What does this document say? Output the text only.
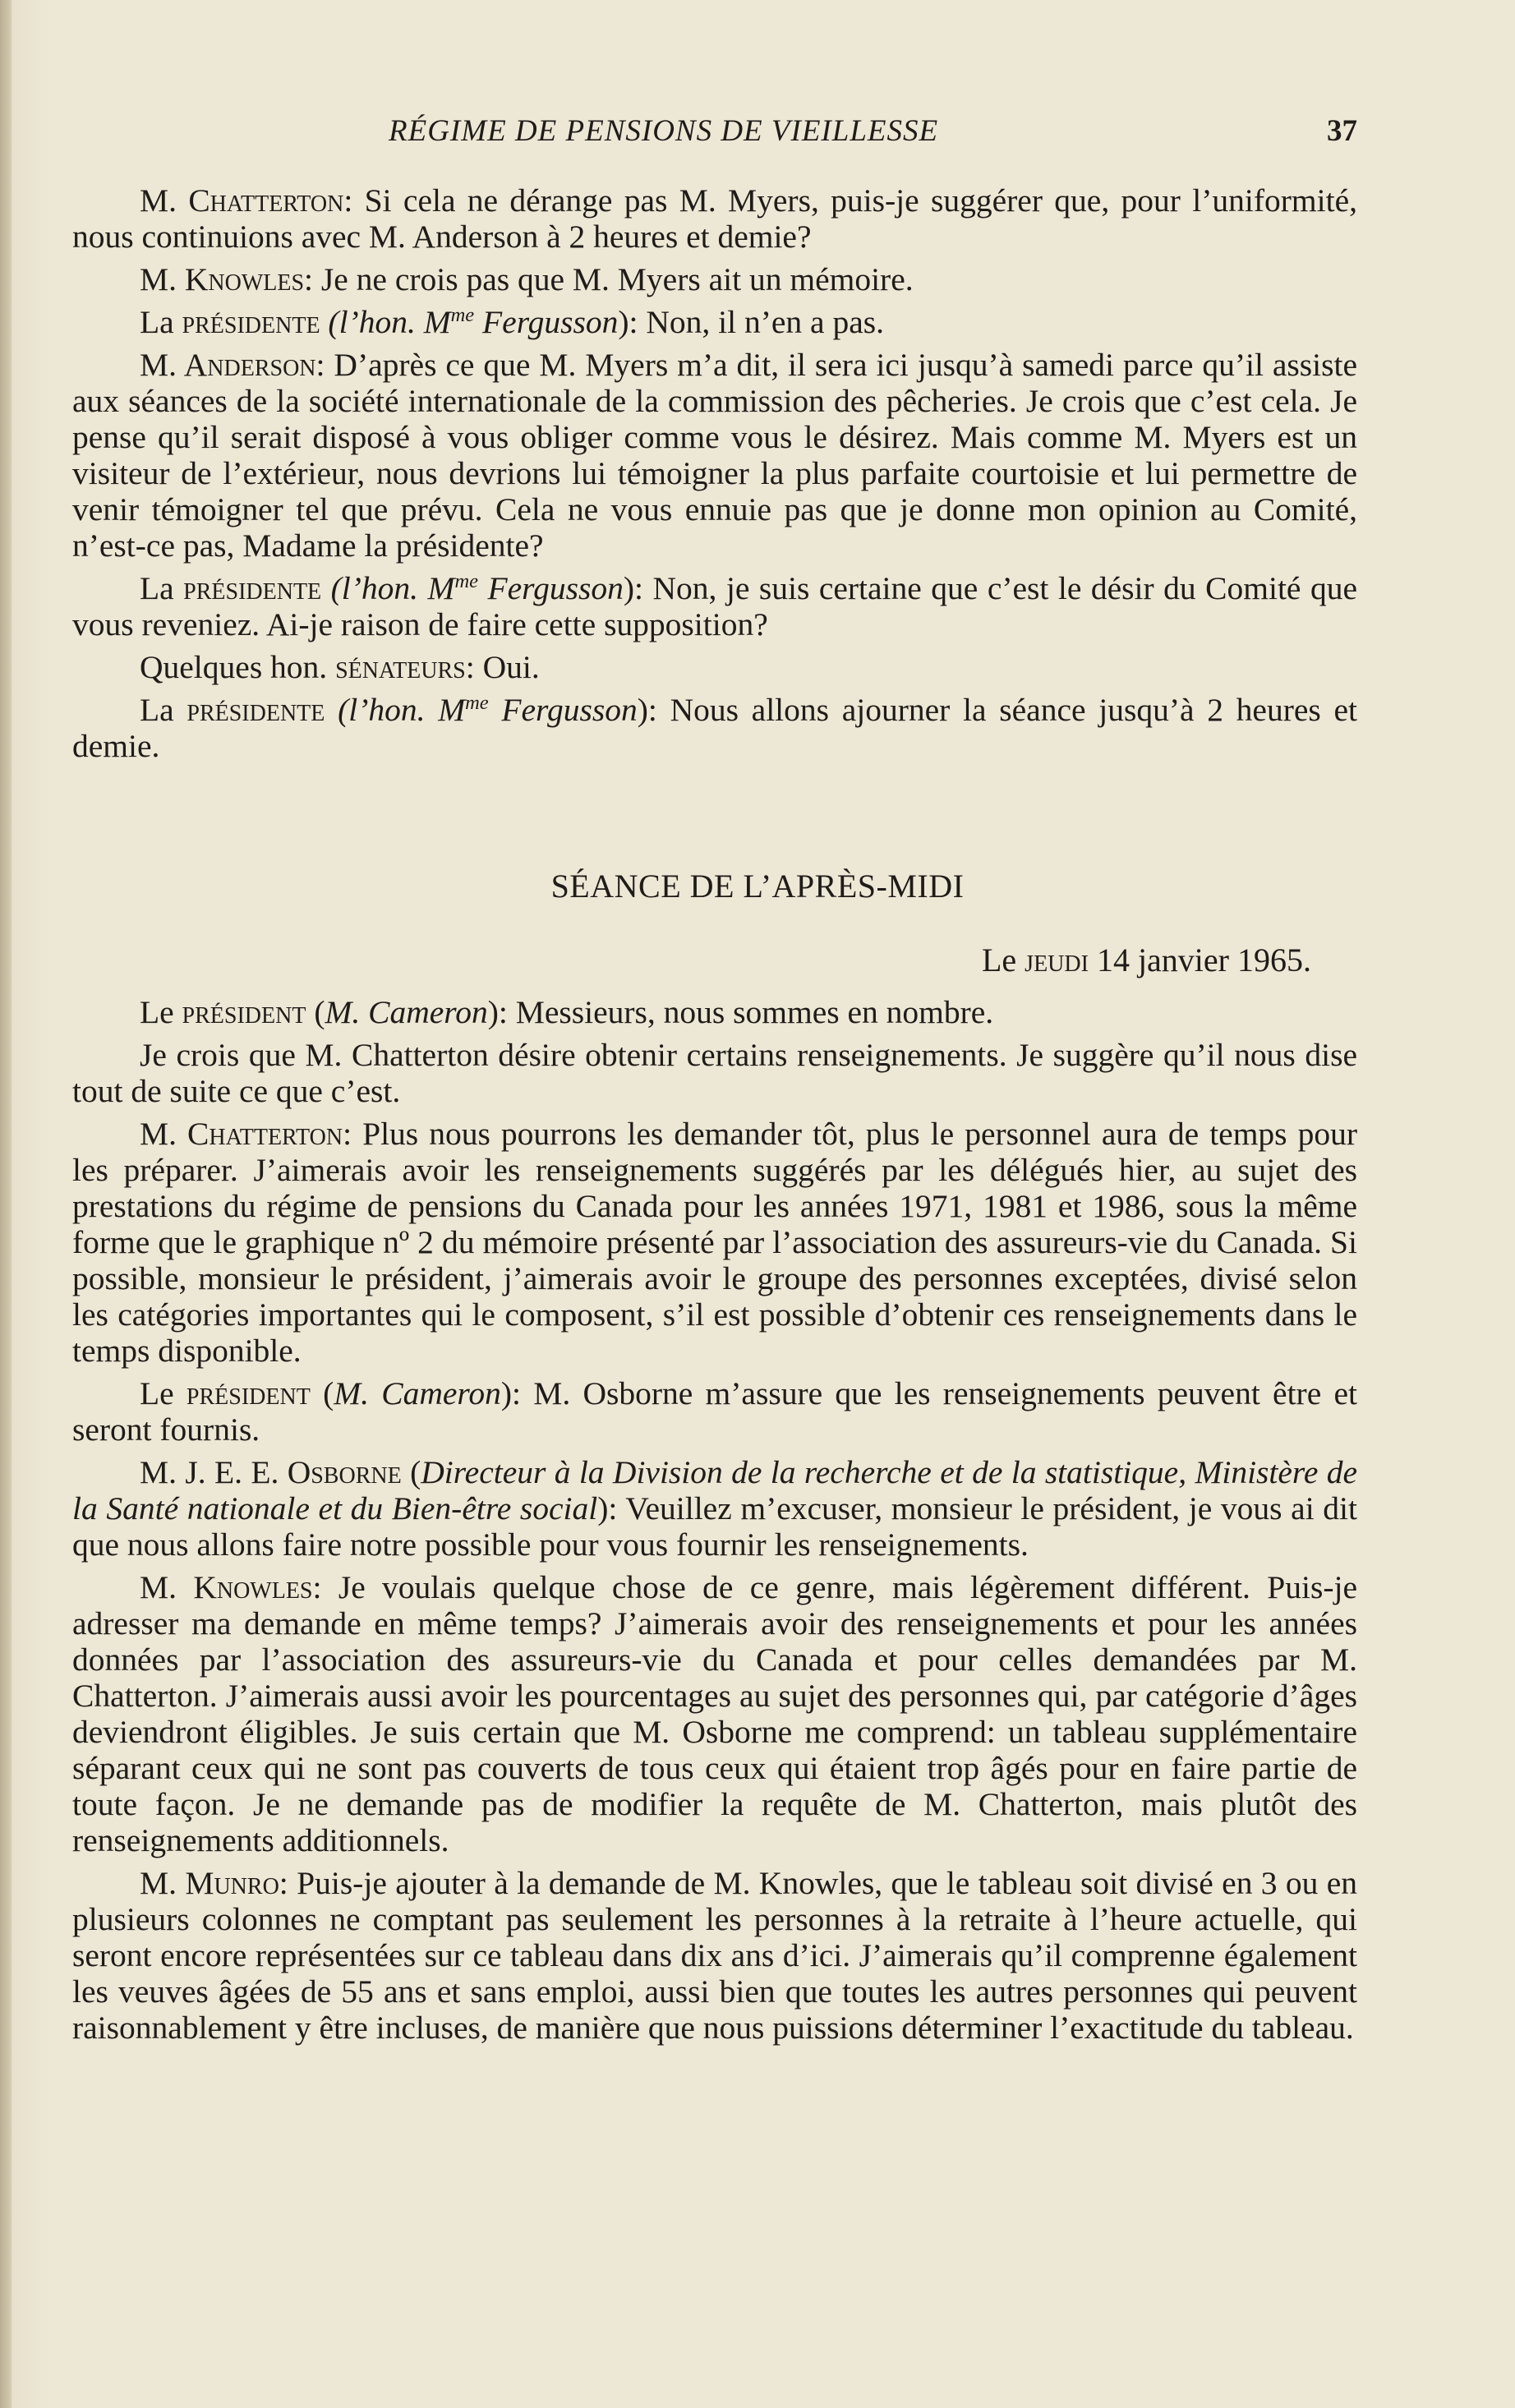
RÉGIME DE PENSIONS DE VIEILLESSE	37

M. Chatterton: Si cela ne dérange pas M. Myers, puis-je suggérer que, pour l’uniformité, nous continuions avec M. Anderson à 2 heures et demie?

M. Knowles: Je ne crois pas que M. Myers ait un mémoire.

La présidente (l’hon. $M^{me}$ Fergusson): Non, il n’en a pas.

M. Anderson: D’après ce que M. Myers m’a dit, il sera ici jusqu’à samedi parce qu’il assiste aux séances de la société internationale de la commission des pêcheries. Je crois que c’est cela. Je pense qu’il serait disposé à vous obliger comme vous le désirez. Mais comme M. Myers est un visiteur de l’extérieur, nous devrions lui témoigner la plus parfaite courtoisie et lui permettre de venir témoigner tel que prévu. Cela ne vous ennuie pas que je donne mon opinion au Comité, n’est-ce pas, Madame la présidente?

La présidente (l’hon. $M^{me}$ Fergusson): Non, je suis certaine que c’est le désir du Comité que vous reveniez. Ai-je raison de faire cette supposition?

Quelques hon. sénateurs: Oui.

La présidente (l’hon. $M^{me}$ Fergusson): Nous allons ajourner la séance jusqu’à 2 heures et demie.

SÉANCE DE L’APRÈS-MIDI
Le jeudi 14 janvier 1965.

Le président (M. Cameron): Messieurs, nous sommes en nombre.

Je crois que M. Chatterton désire obtenir certains renseignements. Je suggère qu’il nous dise tout de suite ce que c’est.

M. Chatterton: Plus nous pourrons les demander tôt, plus le personnel aura de temps pour les préparer. J’aimerais avoir les renseignements suggérés par les délégués hier, au sujet des prestations du régime de pensions du Canada pour les années 1971, 1981 et 1986, sous la même forme que le graphique nº 2 du mémoire présenté par l’association des assureurs-vie du Canada. Si possible, monsieur le président, j’aimerais avoir le groupe des personnes exceptées, divisé selon les catégories importantes qui le composent, s’il est possible d’obtenir ces renseignements dans le temps disponible.

Le président (M. Cameron): M. Osborne m’assure que les renseignements peuvent être et seront fournis.

M. J. E. E. Osborne (Directeur à la Division de la recherche et de la statistique, Ministère de la Santé nationale et du Bien-être social): Veuillez m’excuser, monsieur le président, je vous ai dit que nous allons faire notre possible pour vous fournir les renseignements.

M. Knowles: Je voulais quelque chose de ce genre, mais légèrement différent. Puis-je adresser ma demande en même temps? J’aimerais avoir des renseignements et pour les années données par l’association des assureurs-vie du Canada et pour celles demandées par M. Chatterton. J’aimerais aussi avoir les pourcentages au sujet des personnes qui, par catégorie d’âges deviendront éligibles. Je suis certain que M. Osborne me comprend: un tableau supplémentaire séparant ceux qui ne sont pas couverts de tous ceux qui étaient trop âgés pour en faire partie de toute façon. Je ne demande pas de modifier la requête de M. Chatterton, mais plutôt des renseignements additionnels.

M. Munro: Puis-je ajouter à la demande de M. Knowles, que le tableau soit divisé en 3 ou en plusieurs colonnes ne comptant pas seulement les personnes à la retraite à l’heure actuelle, qui seront encore représentées sur ce tableau dans dix ans d’ici. J’aimerais qu’il comprenne également les veuves âgées de 55 ans et sans emploi, aussi bien que toutes les autres personnes qui peuvent raisonnablement y être incluses, de manière que nous puissions déterminer l’exactitude du tableau.
